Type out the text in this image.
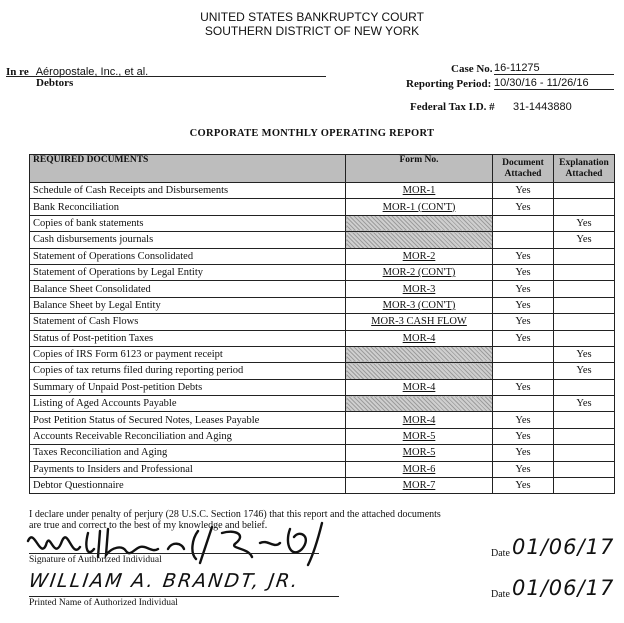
UNITED STATES BANKRUPTCY COURT
SOUTHERN DISTRICT OF NEW YORK
In re Aéropostale, Inc., et al.
Debtors
Case No. 16-11275
Reporting Period: 10/30/16 - 11/26/16
Federal Tax I.D. # 31-1443880
CORPORATE MONTHLY OPERATING REPORT
REQUIRED DOCUMENTS	Form No.	Document Attached	Explanation Attached
Schedule of Cash Receipts and Disbursements	MOR-1	Yes	
Bank Reconciliation	MOR-1 (CON'T)	Yes	
Copies of bank statements			Yes
Cash disbursements journals			Yes
Statement of Operations Consolidated	MOR-2	Yes	
Statement of Operations by Legal Entity	MOR-2 (CON'T)	Yes	
Balance Sheet Consolidated	MOR-3	Yes	
Balance Sheet by Legal Entity	MOR-3 (CON'T)	Yes	
Statement of Cash Flows	MOR-3 CASH FLOW	Yes	
Status of Post-petition Taxes	MOR-4	Yes	
Copies of IRS Form 6123 or payment receipt			Yes
Copies of tax returns filed during reporting period			Yes
Summary of Unpaid Post-petition Debts	MOR-4	Yes	
Listing of Aged Accounts Payable			Yes
Post Petition Status of Secured Notes, Leases Payable	MOR-4	Yes	
Accounts Receivable Reconciliation and Aging	MOR-5	Yes	
Taxes Reconciliation and Aging	MOR-5	Yes	
Payments to Insiders and Professional	MOR-6	Yes	
Debtor Questionnaire	MOR-7	Yes	
I declare under penalty of perjury (28 U.S.C. Section 1746) that this report and the attached documents
are true and correct to the best of my knowledge and belief.
Signature of Authorized Individual
WILLIAM A. BRANDT, JR.
Printed Name of Authorized Individual
Date 01/06/17
Date 01/06/17
